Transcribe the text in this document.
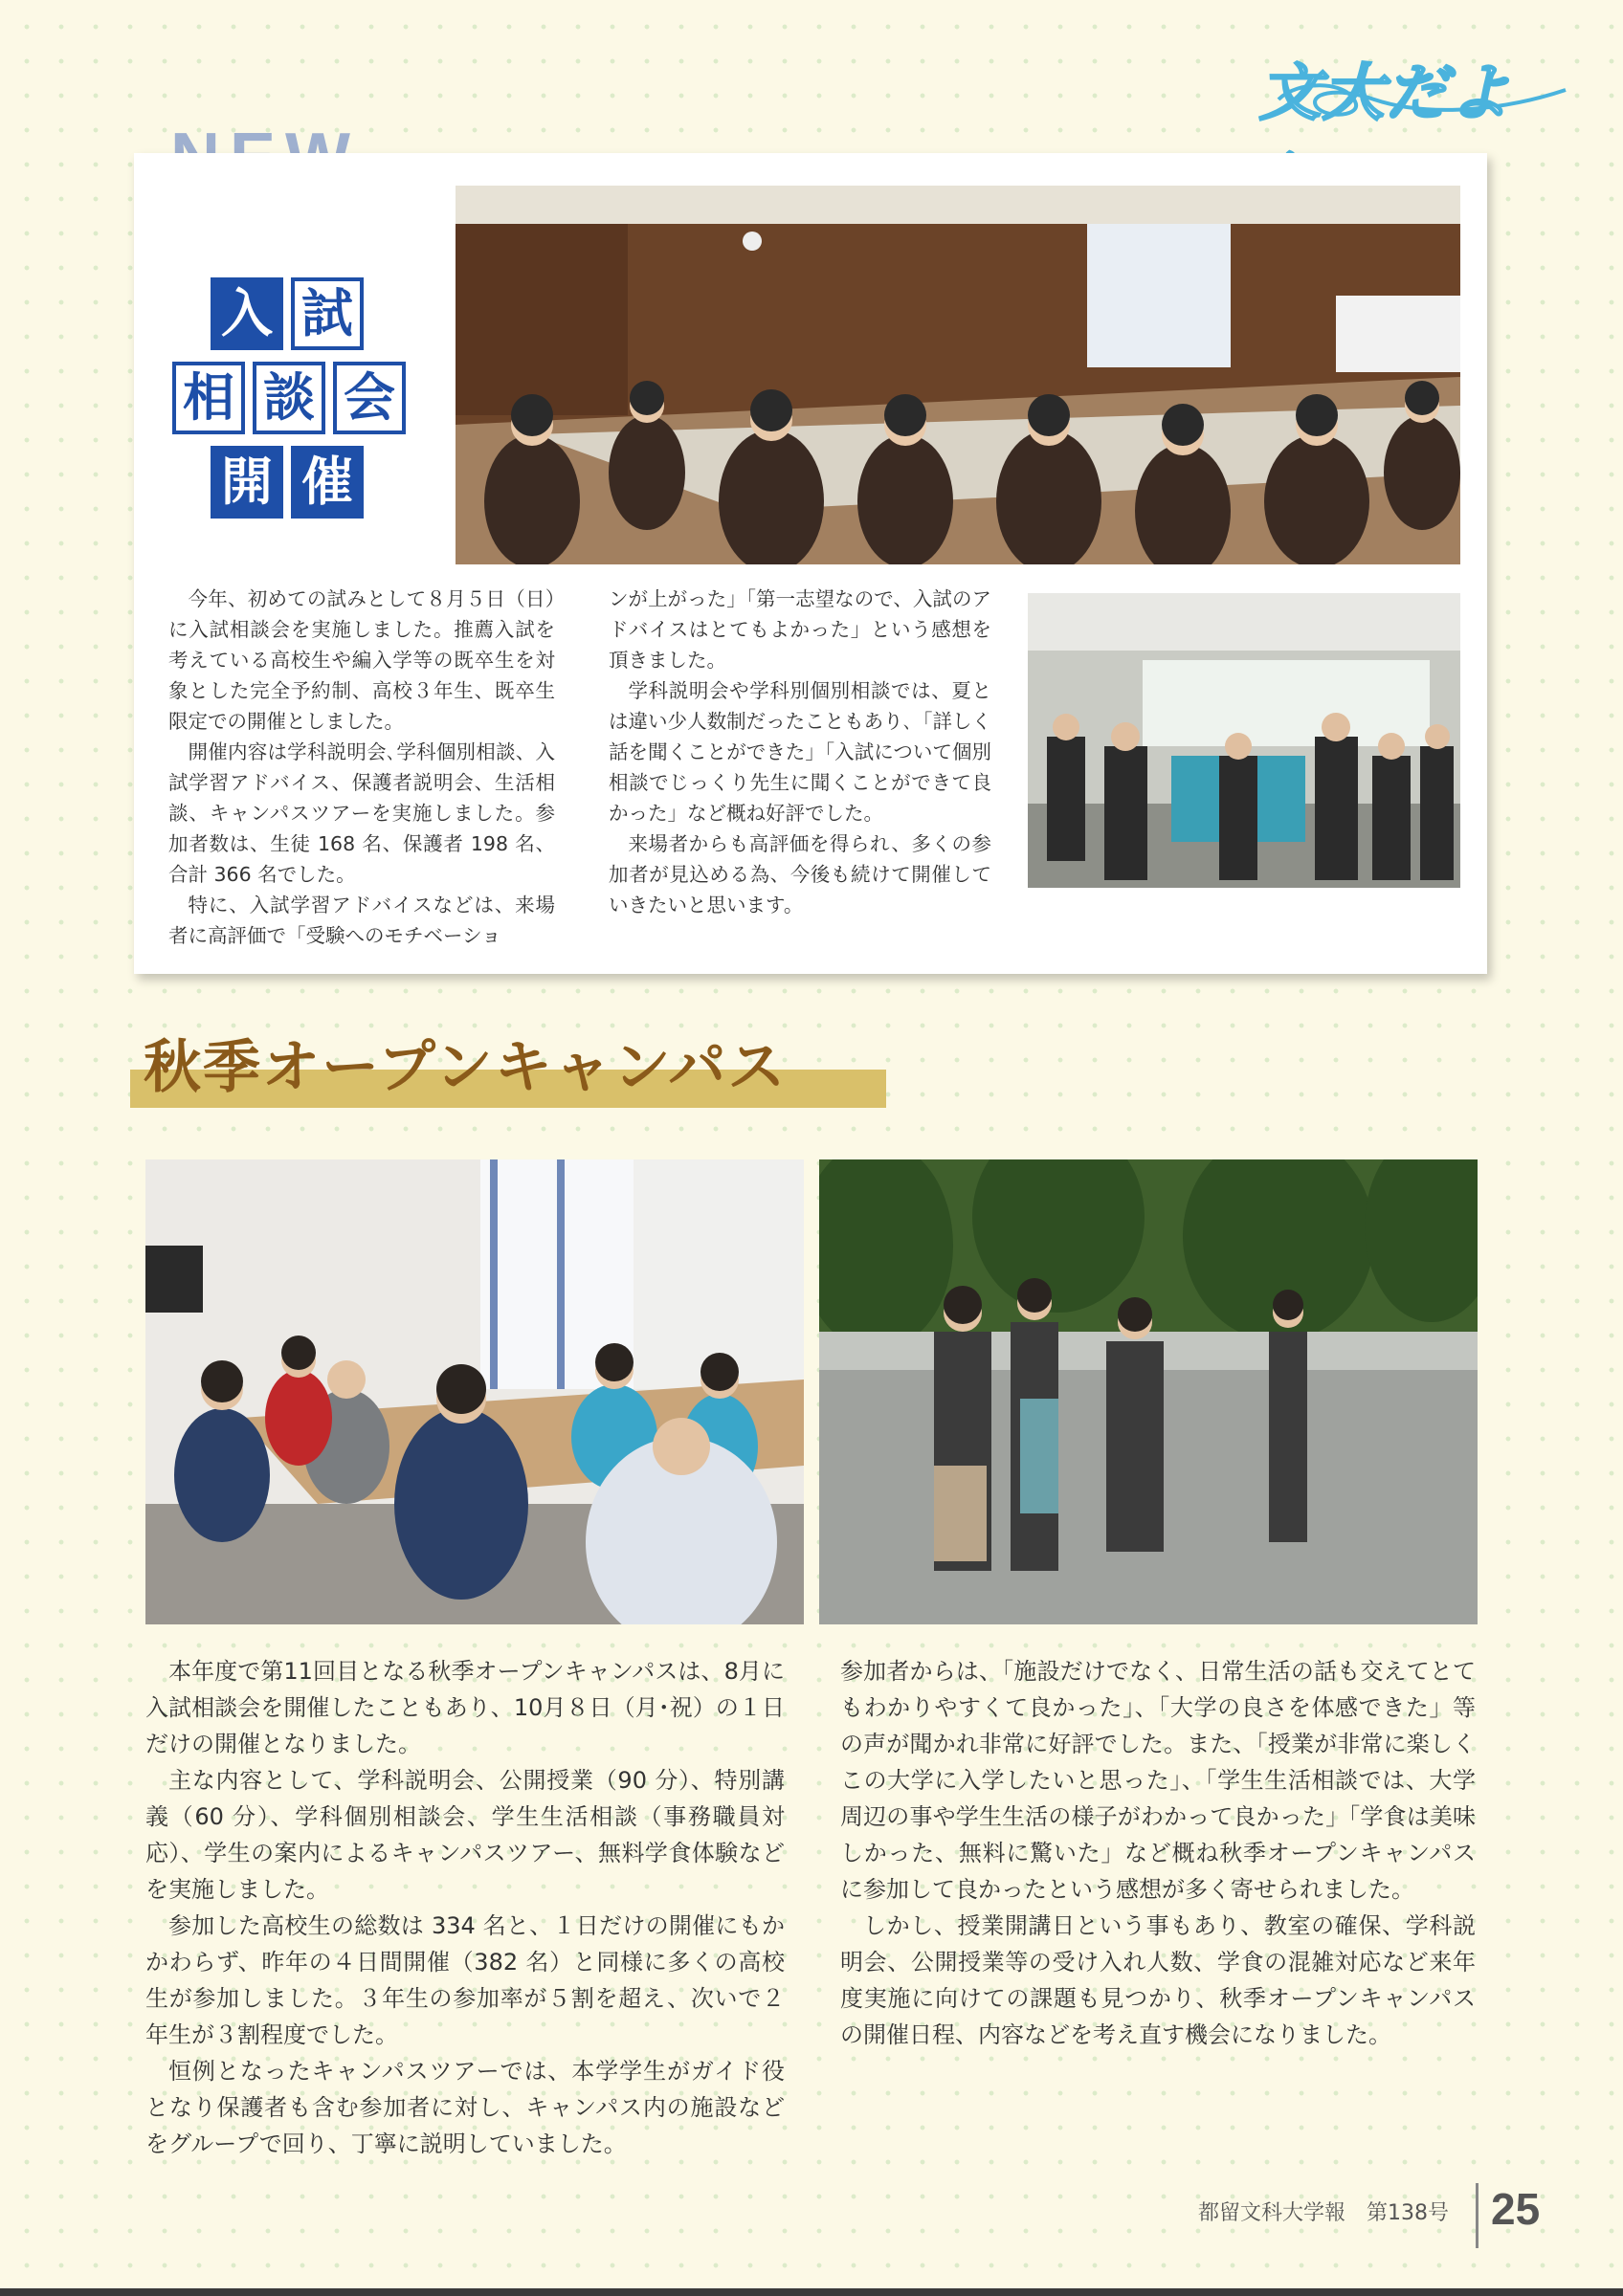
文大だよ
入 試
相 談 会
開 催

今年、初めての試みとして８月５日（日）に入試相談会を実施しました。推薦入試を考えている高校生や編入学等の既卒生を対象とした完全予約制、高校３年生、既卒生限定での開催としました。

開催内容は学科説明会､学科個別相談、入試学習アドバイス、保護者説明会、生活相談、キャンパスツアーを実施しました。参加者数は、生徒 168 名、保護者 198 名、合計 366 名でした。

特に、入試学習アドバイスなどは、来場者に高評価で「受験へのモチベーショ

ンが上がった」「第一志望なので、入試のアドバイスはとてもよかった」という感想を頂きました。

学科説明会や学科別個別相談では、夏とは違い少人数制だったこともあり､「詳しく話を聞くことができた」「入試について個別相談でじっくり先生に聞くことができて良かった」など概ね好評でした。

来場者からも高評価を得られ、多くの参加者が見込める為、今後も続けて開催していきたいと思います。

秋季オープンキャンパス

本年度で第11回目となる秋季オープンキャンパスは、8月に入試相談会を開催したこともあり、10月８日（月･祝）の１日だけの開催となりました。

主な内容として、学科説明会、公開授業（90 分）、特別講義（60 分）、学科個別相談会、学生生活相談（事務職員対応）、学生の案内によるキャンパスツアー、無料学食体験などを実施しました。

参加した高校生の総数は 334 名と、１日だけの開催にもかかわらず、昨年の４日間開催（382 名）と同様に多くの高校生が参加しました。３年生の参加率が５割を超え、次いで２年生が３割程度でした。

恒例となったキャンパスツアーでは、本学学生がガイド役となり保護者も含む参加者に対し、キャンパス内の施設などをグループで回り、丁寧に説明していました。

参加者からは、「施設だけでなく、日常生活の話も交えてとてもわかりやすくて良かった」、「大学の良さを体感できた」等の声が聞かれ非常に好評でした。また、「授業が非常に楽しくこの大学に入学したいと思った」、「学生生活相談では、大学周辺の事や学生生活の様子がわかって良かった」「学食は美味しかった、無料に驚いた」など概ね秋季オープンキャンパスに参加して良かったという感想が多く寄せられました。

しかし、授業開講日という事もあり、教室の確保、学科説明会、公開授業等の受け入れ人数、学食の混雑対応など来年度実施に向けての課題も見つかり、秋季オープンキャンパスの開催日程、内容などを考え直す機会になりました。

都留文科大学報　第138号 25
